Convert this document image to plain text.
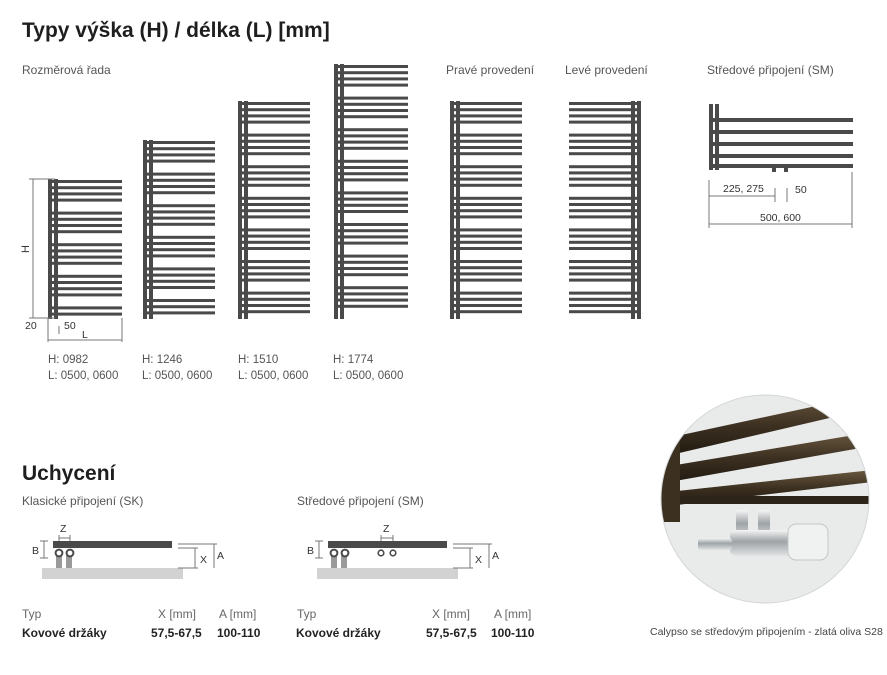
Typy výška (H) / délka (L) [mm]
Rozměrová řada	Pravé provedení	Levé provedení	Středové připojení (SM)
H
20	50
L
225, 275	50
500, 600
H: 0982
L: 0500, 0600
H: 1246
L: 0500, 0600
H: 1510
L: 0500, 0600
H: 1774
L: 0500, 0600
Uchycení
Klasické připojení (SK)	Středové připojení (SM)
Z
B
X A
Z
B
X A
Typ	X [mm] A [mm]
Kovové držáky	57,5-67,5 100-110
Typ	X [mm] A [mm]
Kovové držáky	57,5-67,5 100-110	Calypso se středovým připojením - zlatá oliva S28
